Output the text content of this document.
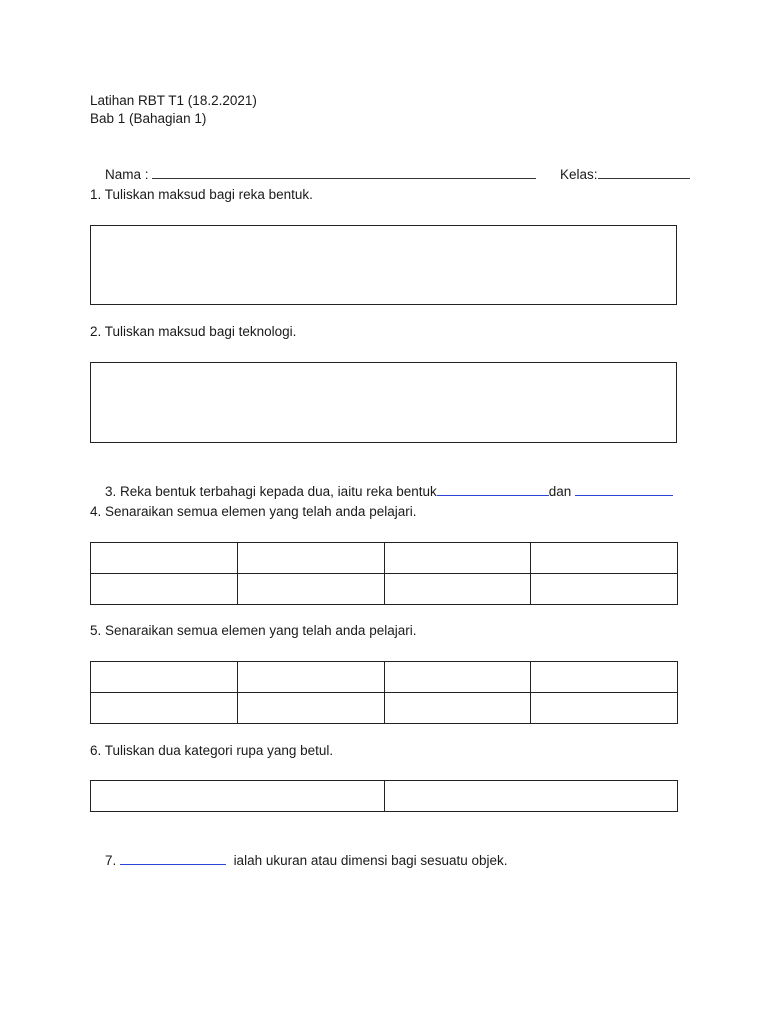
Latihan RBT T1 (18.2.2021)
Bab 1 (Bahagian 1)

Nama :
	Kelas:

1. Tuliskan maksud bagi reka bentuk.
2. Tuliskan maksud bagi teknologi.

3. Reka bentuk terbahagi kepada dua, iaitu reka bentuk	dan

4. Senaraikan semua elemen yang telah anda pelajari.

5. Senaraikan semua elemen yang telah anda pelajari.

6. Tuliskan dua kategori rupa yang betul.

7.	ialah ukuran atau dimensi bagi sesuatu objek.
